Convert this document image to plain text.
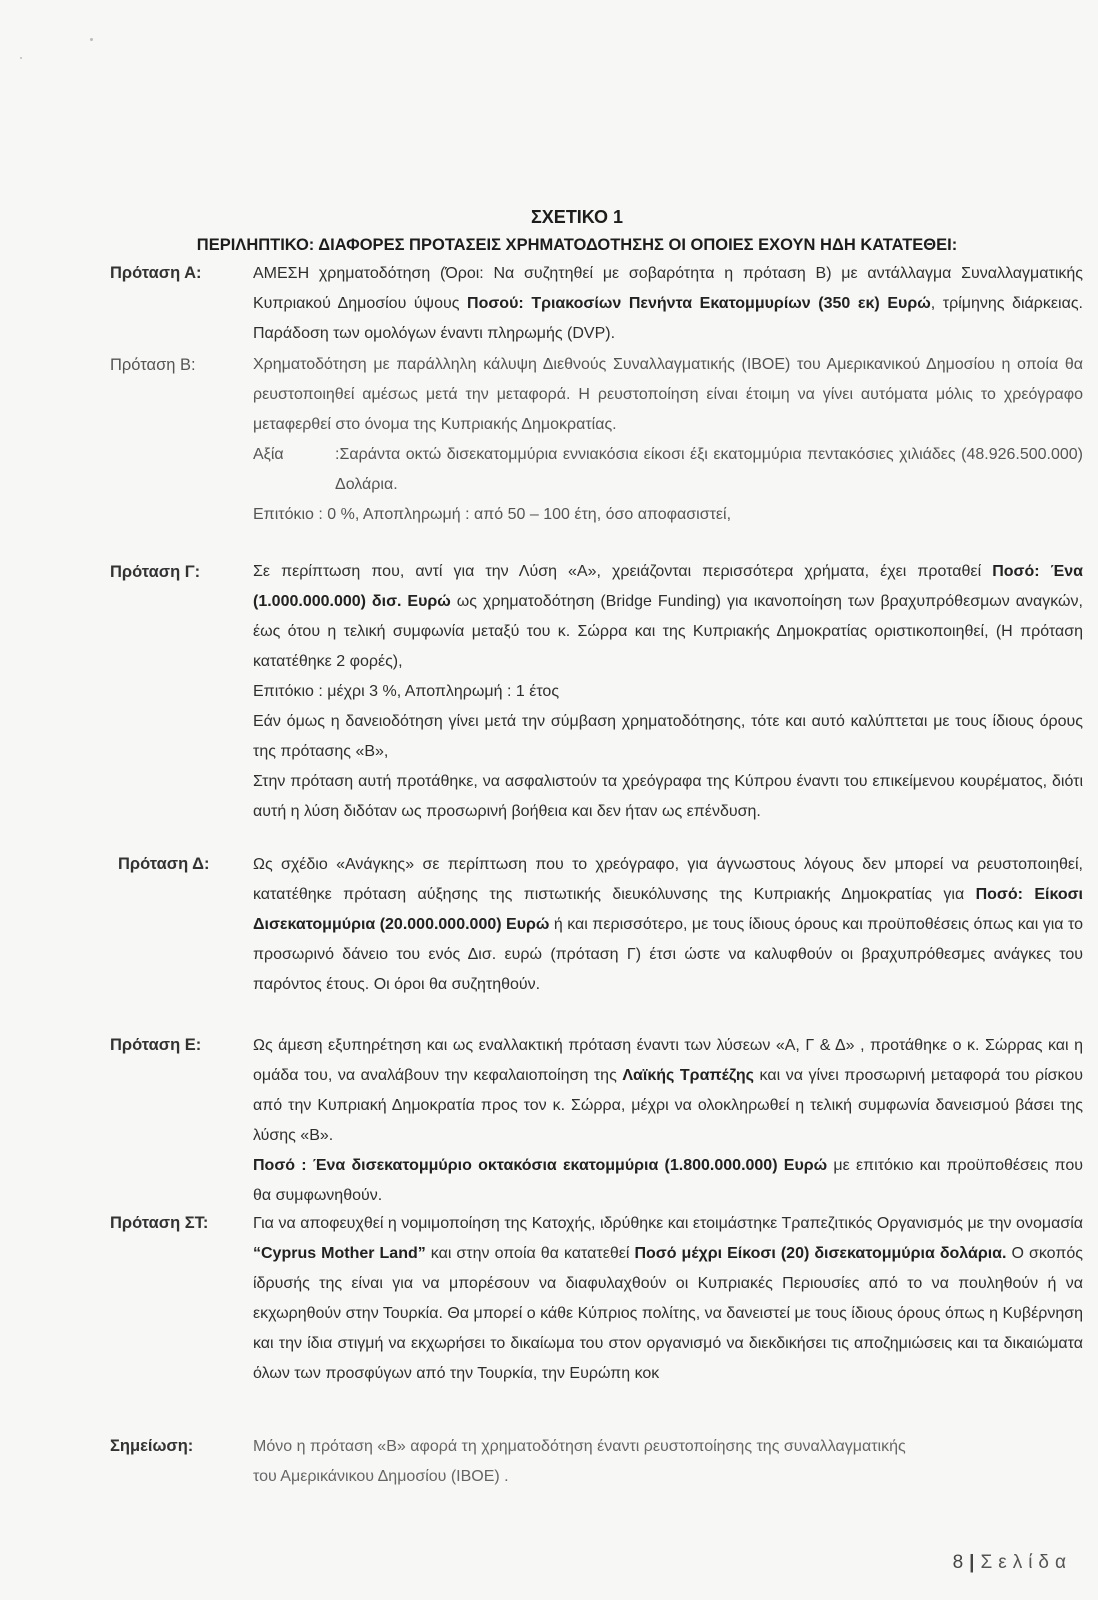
ΣΧΕΤΙΚΟ 1
ΠΕΡΙΛΗΠΤΙΚΟ: ΔΙΑΦΟΡΕΣ ΠΡΟΤΑΣΕΙΣ ΧΡΗΜΑΤΟΔΟΤΗΣΗΣ ΟΙ ΟΠΟΙΕΣ ΕΧΟΥΝ ΗΔΗ ΚΑΤΑΤΕΘΕΙ:
Πρόταση Α:	ΑΜΕΣΗ χρηματοδότηση (Όροι: Να συζητηθεί με σοβαρότητα η πρόταση Β) με αντάλλαγμα Συναλλαγματικής Κυπριακού Δημοσίου ύψους Ποσού: Τριακοσίων Πενήντα Εκατομμυρίων (350 εκ) Ευρώ, τρίμηνης διάρκειας. Παράδοση των ομολόγων έναντι πληρωμής (DVP).

Πρόταση Β:	Χρηματοδότηση με παράλληλη κάλυψη Διεθνούς Συναλλαγματικής (IBOE) του Αμερικανικού Δημοσίου η οποία θα ρευστοποιηθεί αμέσως μετά την μεταφορά. Η ρευστοποίηση είναι έτοιμη να γίνει αυτόματα μόλις το χρεόγραφο μεταφερθεί στο όνομα της Κυπριακής Δημοκρατίας.

Αξία	:Σαράντα οκτώ δισεκατομμύρια εννιακόσια είκοσι έξι εκατομμύρια πεντακόσιες χιλιάδες (48.926.500.000) Δολάρια.

Επιτόκιο : 0 %, Αποπληρωμή : από 50 – 100 έτη, όσο αποφασιστεί,

Πρόταση Γ:	Σε περίπτωση που, αντί για την Λύση «Α», χρειάζονται περισσότερα χρήματα, έχει προταθεί Ποσό: Ένα (1.000.000.000) δισ. Ευρώ ως χρηματοδότηση (Bridge Funding) για ικανοποίηση των βραχυπρόθεσμων αναγκών, έως ότου η τελική συμφωνία μεταξύ του κ. Σώρρα και της Κυπριακής Δημοκρατίας οριστικοποιηθεί, (Η πρόταση κατατέθηκε 2 φορές),

Επιτόκιο : μέχρι 3 %, Αποπληρωμή : 1 έτος

Εάν όμως η δανειοδότηση γίνει μετά την σύμβαση χρηματοδότησης, τότε και αυτό καλύπτεται με τους ίδιους όρους της πρότασης «Β»,

Στην πρόταση αυτή προτάθηκε, να ασφαλιστούν τα χρεόγραφα της Κύπρου έναντι του επικείμενου κουρέματος, διότι αυτή η λύση διδόταν ως προσωρινή βοήθεια και δεν ήταν ως επένδυση.

Πρόταση Δ:	Ως σχέδιο «Ανάγκης» σε περίπτωση που το χρεόγραφο, για άγνωστους λόγους δεν μπορεί να ρευστοποιηθεί, κατατέθηκε πρόταση αύξησης της πιστωτικής διευκόλυνσης της Κυπριακής Δημοκρατίας για Ποσό: Είκοσι Δισεκατομμύρια (20.000.000.000) Ευρώ ή και περισσότερο, με τους ίδιους όρους και προϋποθέσεις όπως και για το προσωρινό δάνειο του ενός Δισ. ευρώ (πρόταση Γ) έτσι ώστε να καλυφθούν οι βραχυπρόθεσμες ανάγκες του παρόντος έτους. Οι όροι θα συζητηθούν.

Πρόταση Ε:	Ως άμεση εξυπηρέτηση και ως εναλλακτική πρόταση έναντι των λύσεων «Α, Γ & Δ» , προτάθηκε ο κ. Σώρρας και η ομάδα του, να αναλάβουν την κεφαλαιοποίηση της Λαϊκής Τραπέζης και να γίνει προσωρινή μεταφορά του ρίσκου από την Κυπριακή Δημοκρατία προς τον κ. Σώρρα, μέχρι να ολοκληρωθεί η τελική συμφωνία δανεισμού βάσει της λύσης «Β».

Ποσό : Ένα δισεκατομμύριο οκτακόσια εκατομμύρια (1.800.000.000) Ευρώ με επιτόκιο και προϋποθέσεις που θα συμφωνηθούν.

Πρόταση ΣΤ:	Για να αποφευχθεί η νομιμοποίηση της Κατοχής, ιδρύθηκε και ετοιμάστηκε Τραπεζιτικός Οργανισμός με την ονομασία “Cyprus Mother Land” και στην οποία θα κατατεθεί Ποσό μέχρι Είκοσι (20) δισεκατομμύρια δολάρια. Ο σκοπός ίδρυσής της είναι για να μπορέσουν να διαφυλαχθούν οι Κυπριακές Περιουσίες από το να πουληθούν ή να εκχωρηθούν στην Τουρκία. Θα μπορεί ο κάθε Κύπριος πολίτης, να δανειστεί με τους ίδιους όρους όπως η Κυβέρνηση και την ίδια στιγμή να εκχωρήσει το δικαίωμα του στον οργανισμό να διεκδικήσει τις αποζημιώσεις και τα δικαιώματα όλων των προσφύγων από την Τουρκία, την Ευρώπη κοκ

Σημείωση:	Μόνο η πρόταση «Β» αφορά τη χρηματοδότηση έναντι ρευστοποίησης της συναλλαγματικής του Αμερικάνικου Δημοσίου (IBOE) .

8 | Σελίδα
